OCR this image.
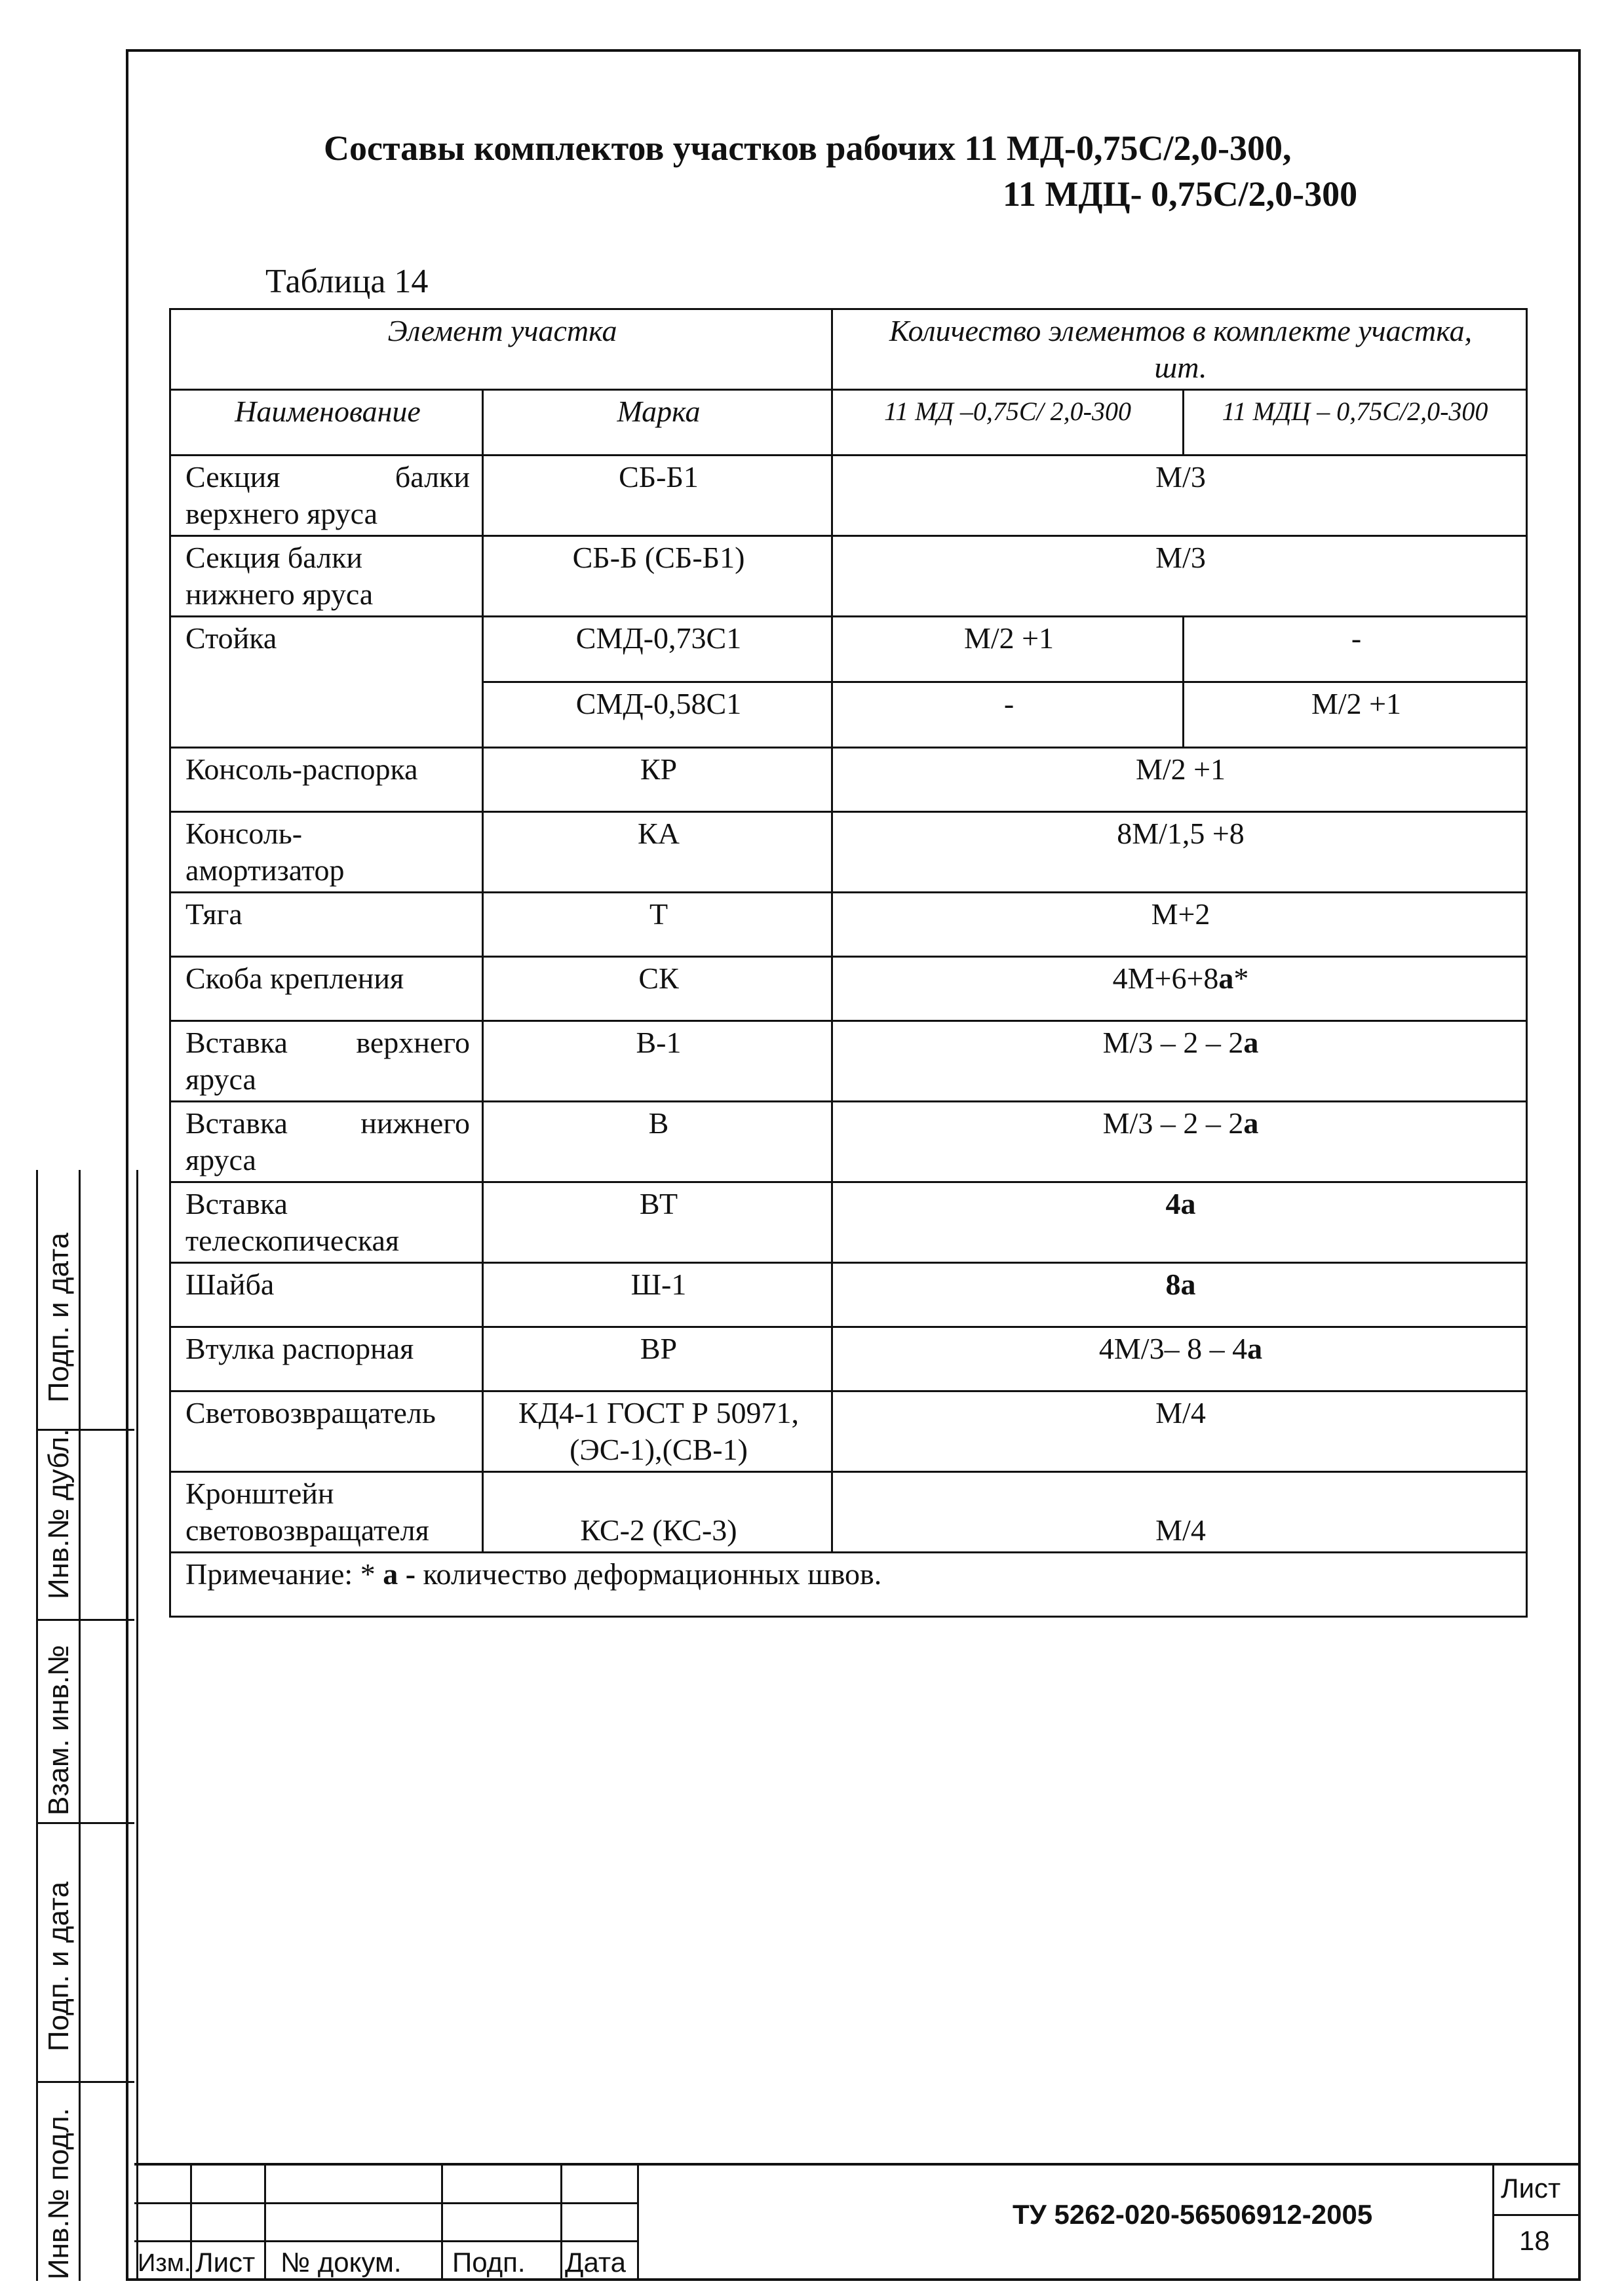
Составы комплектов участков рабочих 11 МД-0,75С/2,0-300,
11 МДЦ- 0,75С/2,0-300
Таблица 14
Элемент участка		Количество элементов в комплекте участка,
шт.	
Наименование	Марка	11 МД –0,75С/ 2,0-300	11 МДЦ – 0,75С/2,0-300

Секция балки
верхнего яруса	СБ-Б1	М/3	
Секция балки
нижнего яруса	СБ-Б (СБ-Б1)	М/3	
Стойка	СМД-0,73С1	М/2 +1	-
	СМД-0,58С1	-	М/2 +1
Консоль-распорка	КР	М/2 +1	
Консоль-
амортизатор	КА	8М/1,5 +8	
Тяга	Т	М+2	
Скоба крепления	СК	4М+6+8а*	

Вставка верхнего
яруса	В-1	М/3 – 2 – 2а	

Вставка нижнего
яруса	В	М/3 – 2 – 2а	
Вставка
телескопическая	ВТ	4а	
Шайба	Ш-1	8а	
Втулка распорная	ВР	4М/3– 8 – 4а	
Световозвращатель	КД4-1 ГОСТ Р 50971,
(ЭС-1),(СВ-1)	М/4	
Кронштейн
световозвращателя	КС-2 (КС-3)	М/4	
Примечание: * а - количество деформационных швов.			
Подп. и дата
Инв.№ дубл.
Взам. инв.№
Подп. и дата
Инв.№ подл.	Изм. Лист № докум. Подп. Дата
ТУ 5262-020-56506912-2005
Лист
18
